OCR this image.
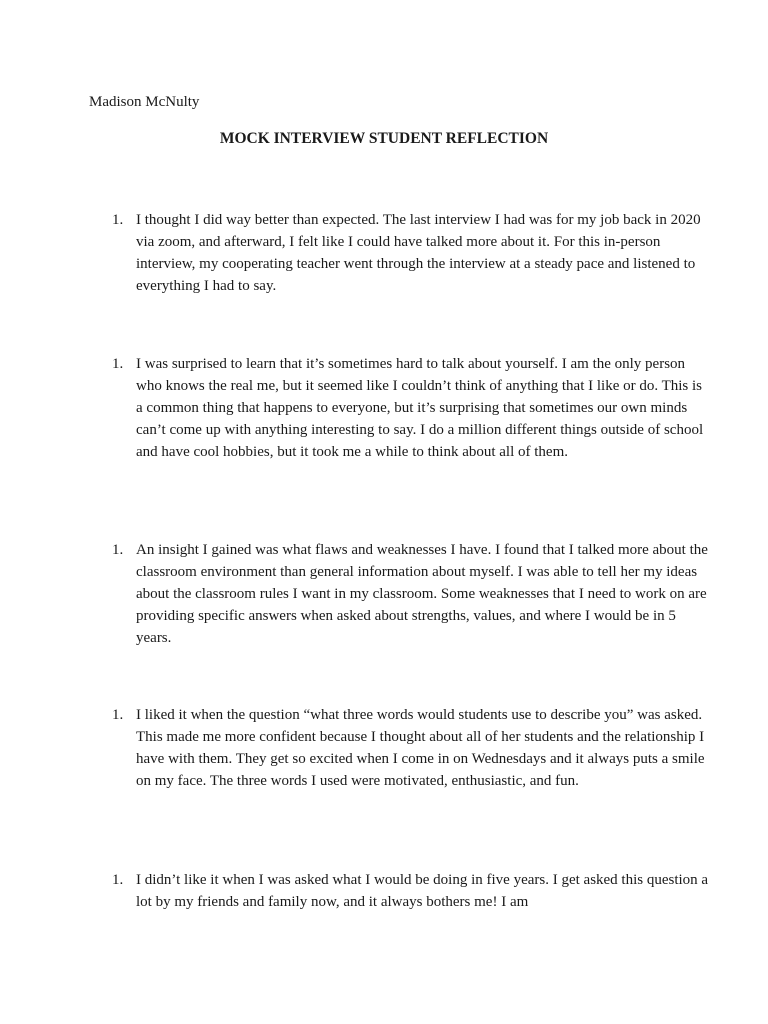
Madison McNulty
MOCK INTERVIEW STUDENT REFLECTION
1. I thought I did way better than expected. The last interview I had was for my job back in 2020 via zoom, and afterward, I felt like I could have talked more about it. For this in-person interview, my cooperating teacher went through the interview at a steady pace and listened to everything I had to say.
1. I was surprised to learn that it’s sometimes hard to talk about yourself. I am the only person who knows the real me, but it seemed like I couldn’t think of anything that I like or do. This is a common thing that happens to everyone, but it’s surprising that sometimes our own minds can’t come up with anything interesting to say. I do a million different things outside of school and have cool hobbies, but it took me a while to think about all of them.
1. An insight I gained was what flaws and weaknesses I have. I found that I talked more about the classroom environment than general information about myself. I was able to tell her my ideas about the classroom rules I want in my classroom. Some weaknesses that I need to work on are providing specific answers when asked about strengths, values, and where I would be in 5 years.
1. I liked it when the question “what three words would students use to describe you” was asked. This made me more confident because I thought about all of her students and the relationship I have with them. They get so excited when I come in on Wednesdays and it always puts a smile on my face. The three words I used were motivated, enthusiastic, and fun.
1. I didn’t like it when I was asked what I would be doing in five years. I get asked this question a lot by my friends and family now, and it always bothers me! I am
